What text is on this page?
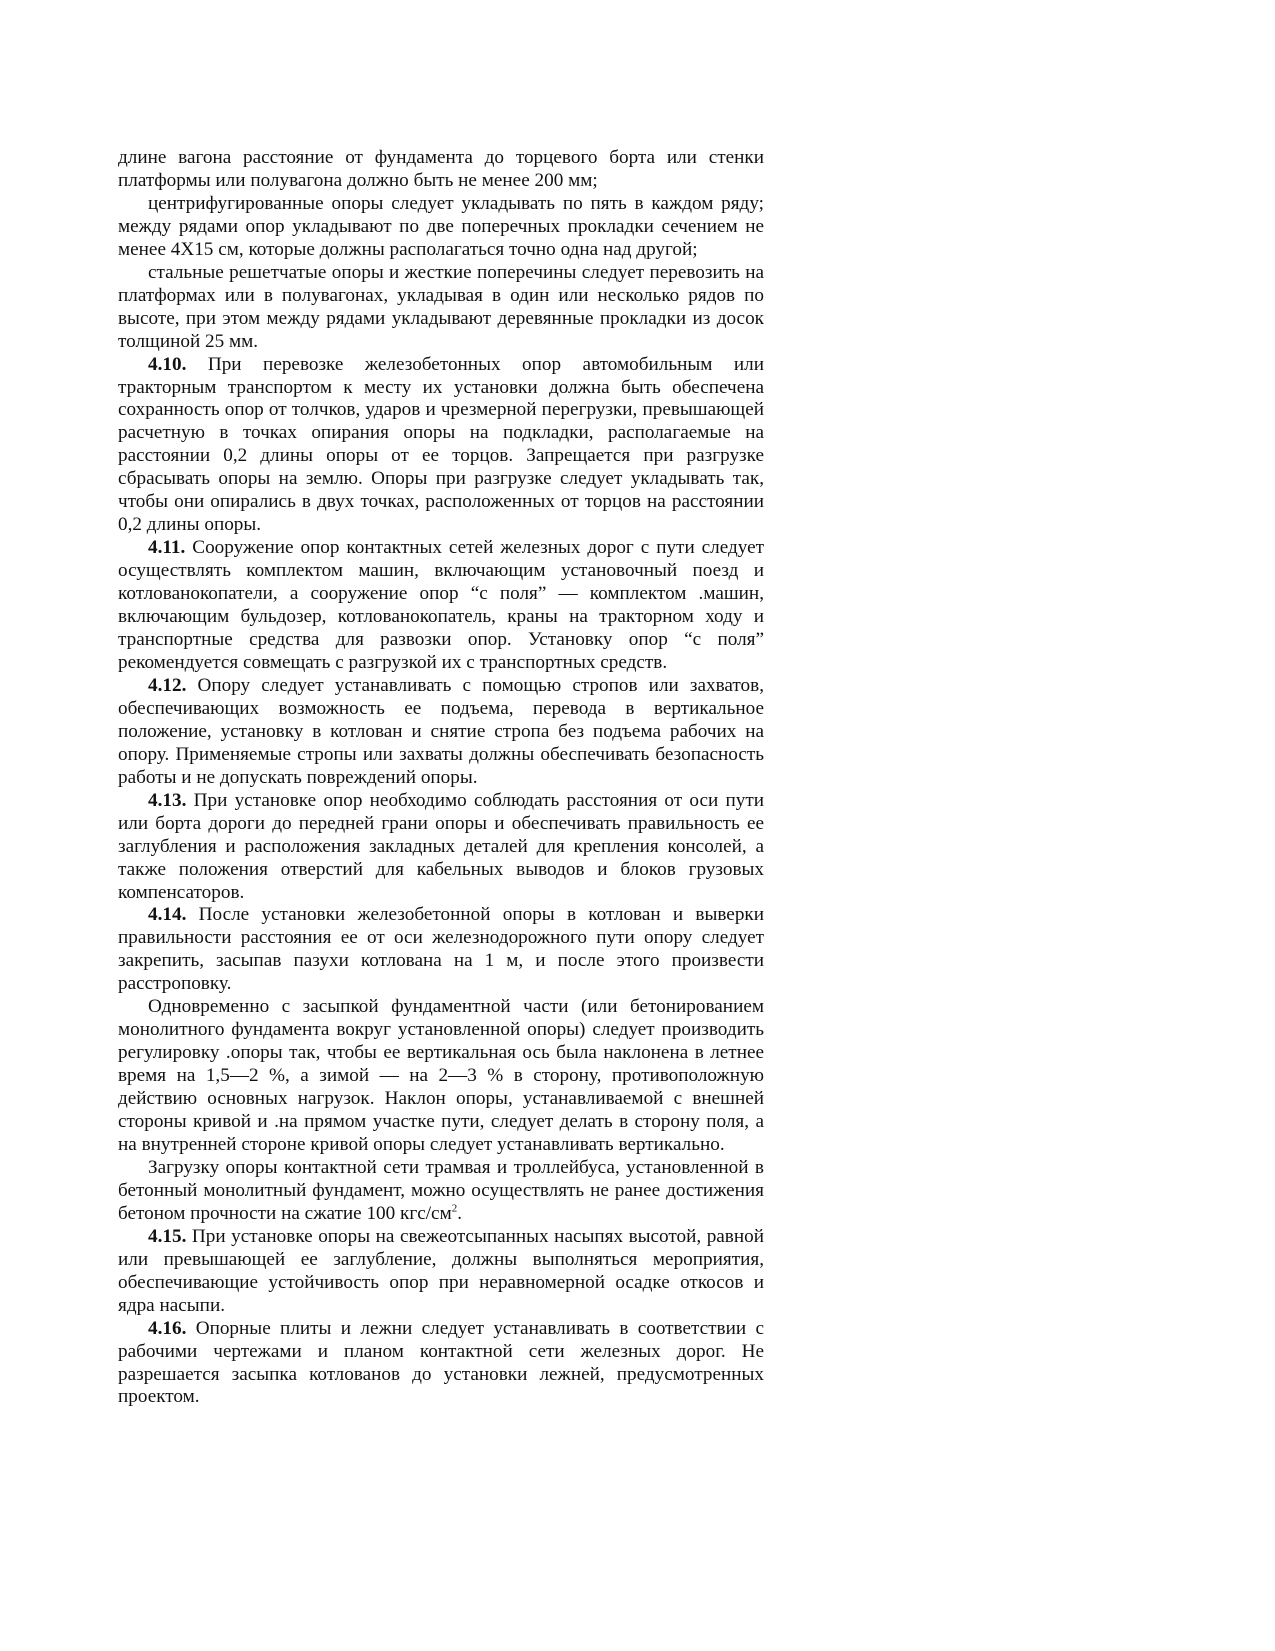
длине вагона расстояние от фундамента до торцевого борта или стенки платформы или полувагона должно быть не менее 200 мм;

центрифугированные опоры следует укладывать по пять в каждом ряду; между рядами опор укладывают по две поперечных прокладки сечением не менее 4Х15 см, которые должны располагаться точно одна над другой;

стальные решетчатые опоры и жесткие поперечины следует перевозить на платформах или в полувагонах, укладывая в один или несколько рядов по высоте, при этом между рядами укладывают деревянные прокладки из досок толщиной 25 мм.

4.10. При перевозке железобетонных опор автомобильным или тракторным транспортом к месту их установки должна быть обеспечена сохранность опор от толчков, ударов и чрезмерной перегрузки, превышающей расчетную в точках опирания опоры на подкладки, располагаемые на расстоянии 0,2 длины опоры от ее торцов. Запрещается при разгрузке сбрасывать опоры на землю. Опоры при разгрузке следует укладывать так, чтобы они опирались в двух точках, расположенных от торцов на расстоянии 0,2 длины опоры.

4.11. Сооружение опор контактных сетей железных дорог с пути следует осуществлять комплектом машин, включающим установочный поезд и котлованокопатели, а сооружение опор “с поля” — комплектом .машин, включающим бульдозер, котлованокопатель, краны на тракторном ходу и транспортные средства для развозки опор. Установку опор “с поля” рекомендуется совмещать с разгрузкой их с транспортных средств.

4.12. Опору следует устанавливать с помощью стропов или захватов, обеспечивающих возможность ее подъема, перевода в вертикальное положение, установку в котлован и снятие стропа без подъема рабочих на опору. Применяемые стропы или захваты должны обеспечивать безопасность работы и не допускать повреждений опоры.

4.13. При установке опор необходимо соблюдать расстояния от оси пути или борта дороги до передней грани опоры и обеспечивать правильность ее заглубления и расположения закладных деталей для крепления консолей, а также положения отверстий для кабельных выводов и блоков грузовых компенсаторов.

4.14. После установки железобетонной опоры в котлован и выверки правильности расстояния ее от оси железнодорожного пути опору следует закрепить, засыпав пазухи котлована на 1 м, и после этого произвести расстроповку.

Одновременно с засыпкой фундаментной части (или бетонированием монолитного фундамента вокруг установленной опоры) следует производить регулировку .опоры так, чтобы ее вертикальная ось была наклонена в летнее время на 1,5—2 %, а зимой — на 2—3 % в сторону, противоположную действию основных нагрузок. Наклон опоры, устанавливаемой с внешней стороны кривой и .на прямом участке пути, следует делать в сторону поля, а на внутренней стороне кривой опоры следует устанавливать вертикально.

Загрузку опоры контактной сети трамвая и троллейбуса, установленной в бетонный монолитный фундамент, можно осуществлять не ранее достижения бетоном прочности на сжатие 100 кгс/$см^2$.

4.15. При установке опоры на свежеотсыпанных насыпях высотой, равной или превышающей ее заглубление, должны выполняться мероприятия, обеспечивающие устойчивость опор при неравномерной осадке откосов и ядра насыпи.

4.16. Опорные плиты и лежни следует устанавливать в соответствии с рабочими чертежами и планом контактной сети железных дорог. Не разрешается засыпка котлованов до установки лежней, предусмотренных проектом.
